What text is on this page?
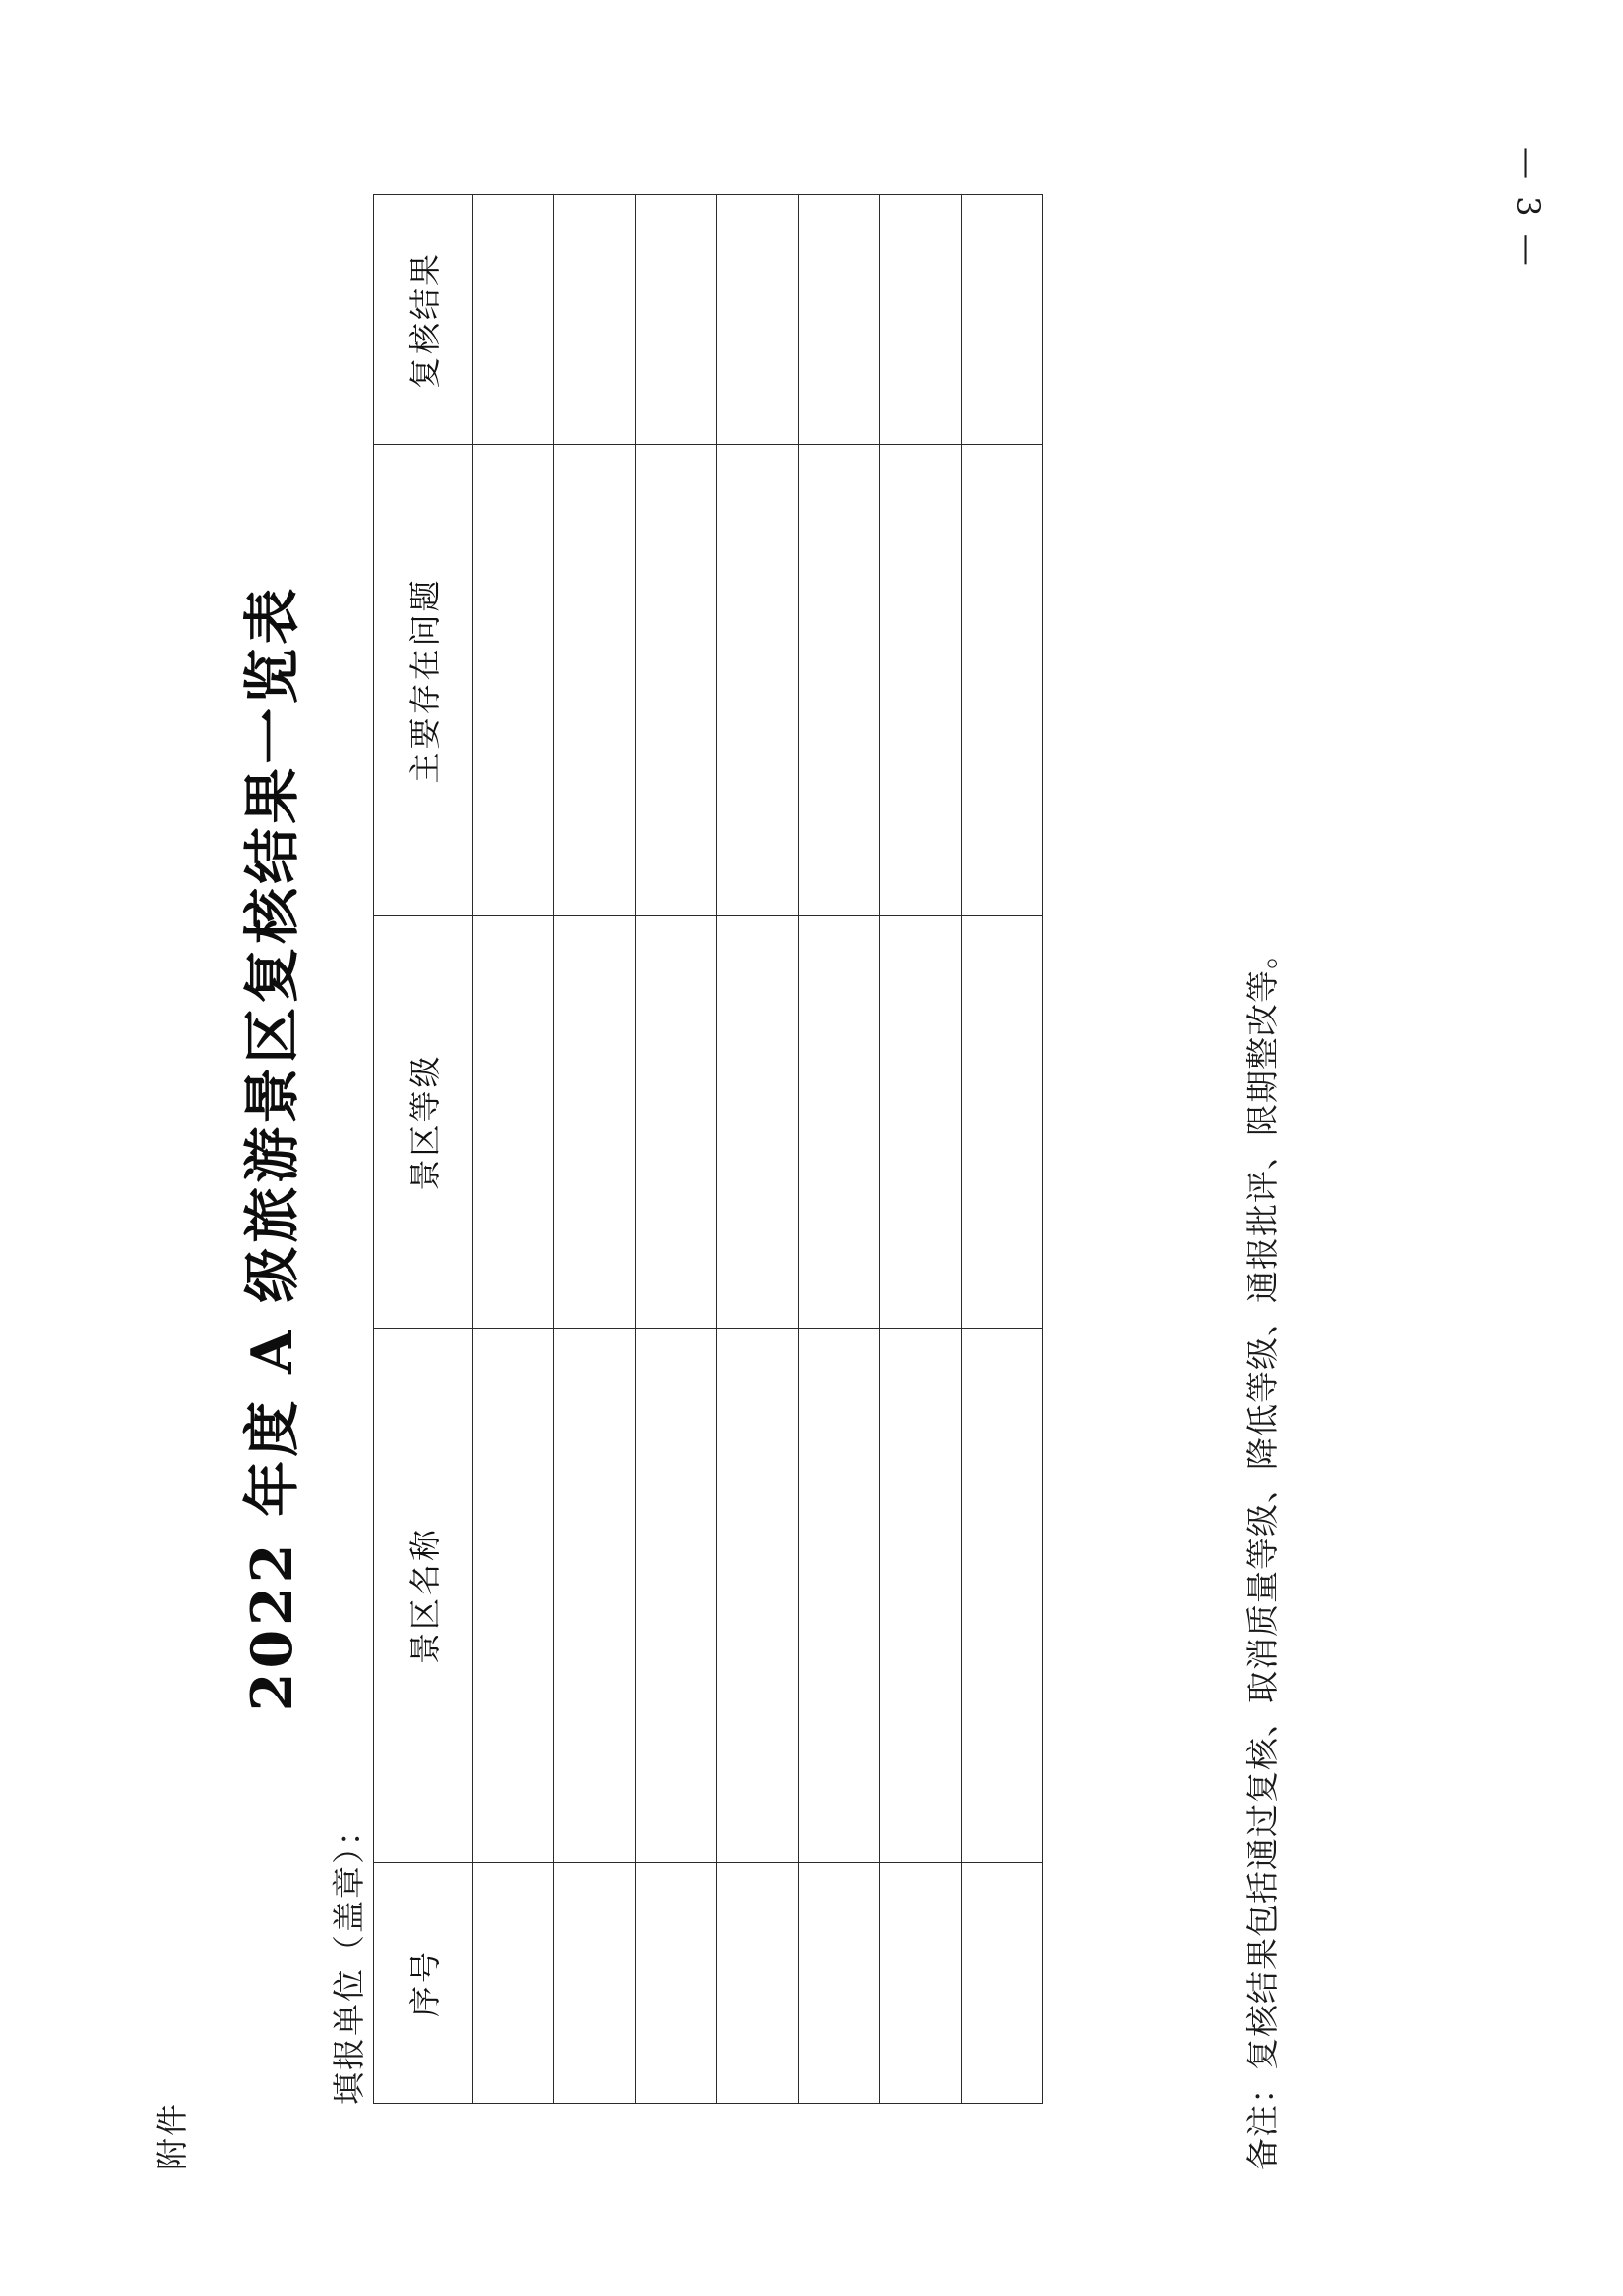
— 3 —
附件
2022 年度 A 级旅游景区复核结果一览表
填报单位（盖章）： 序号	景区名称	景区等级	主要存在问题	复核结果

备注：复核结果包括通过复核、取消质量等级、降低等级、通报批评、限期整改等。
